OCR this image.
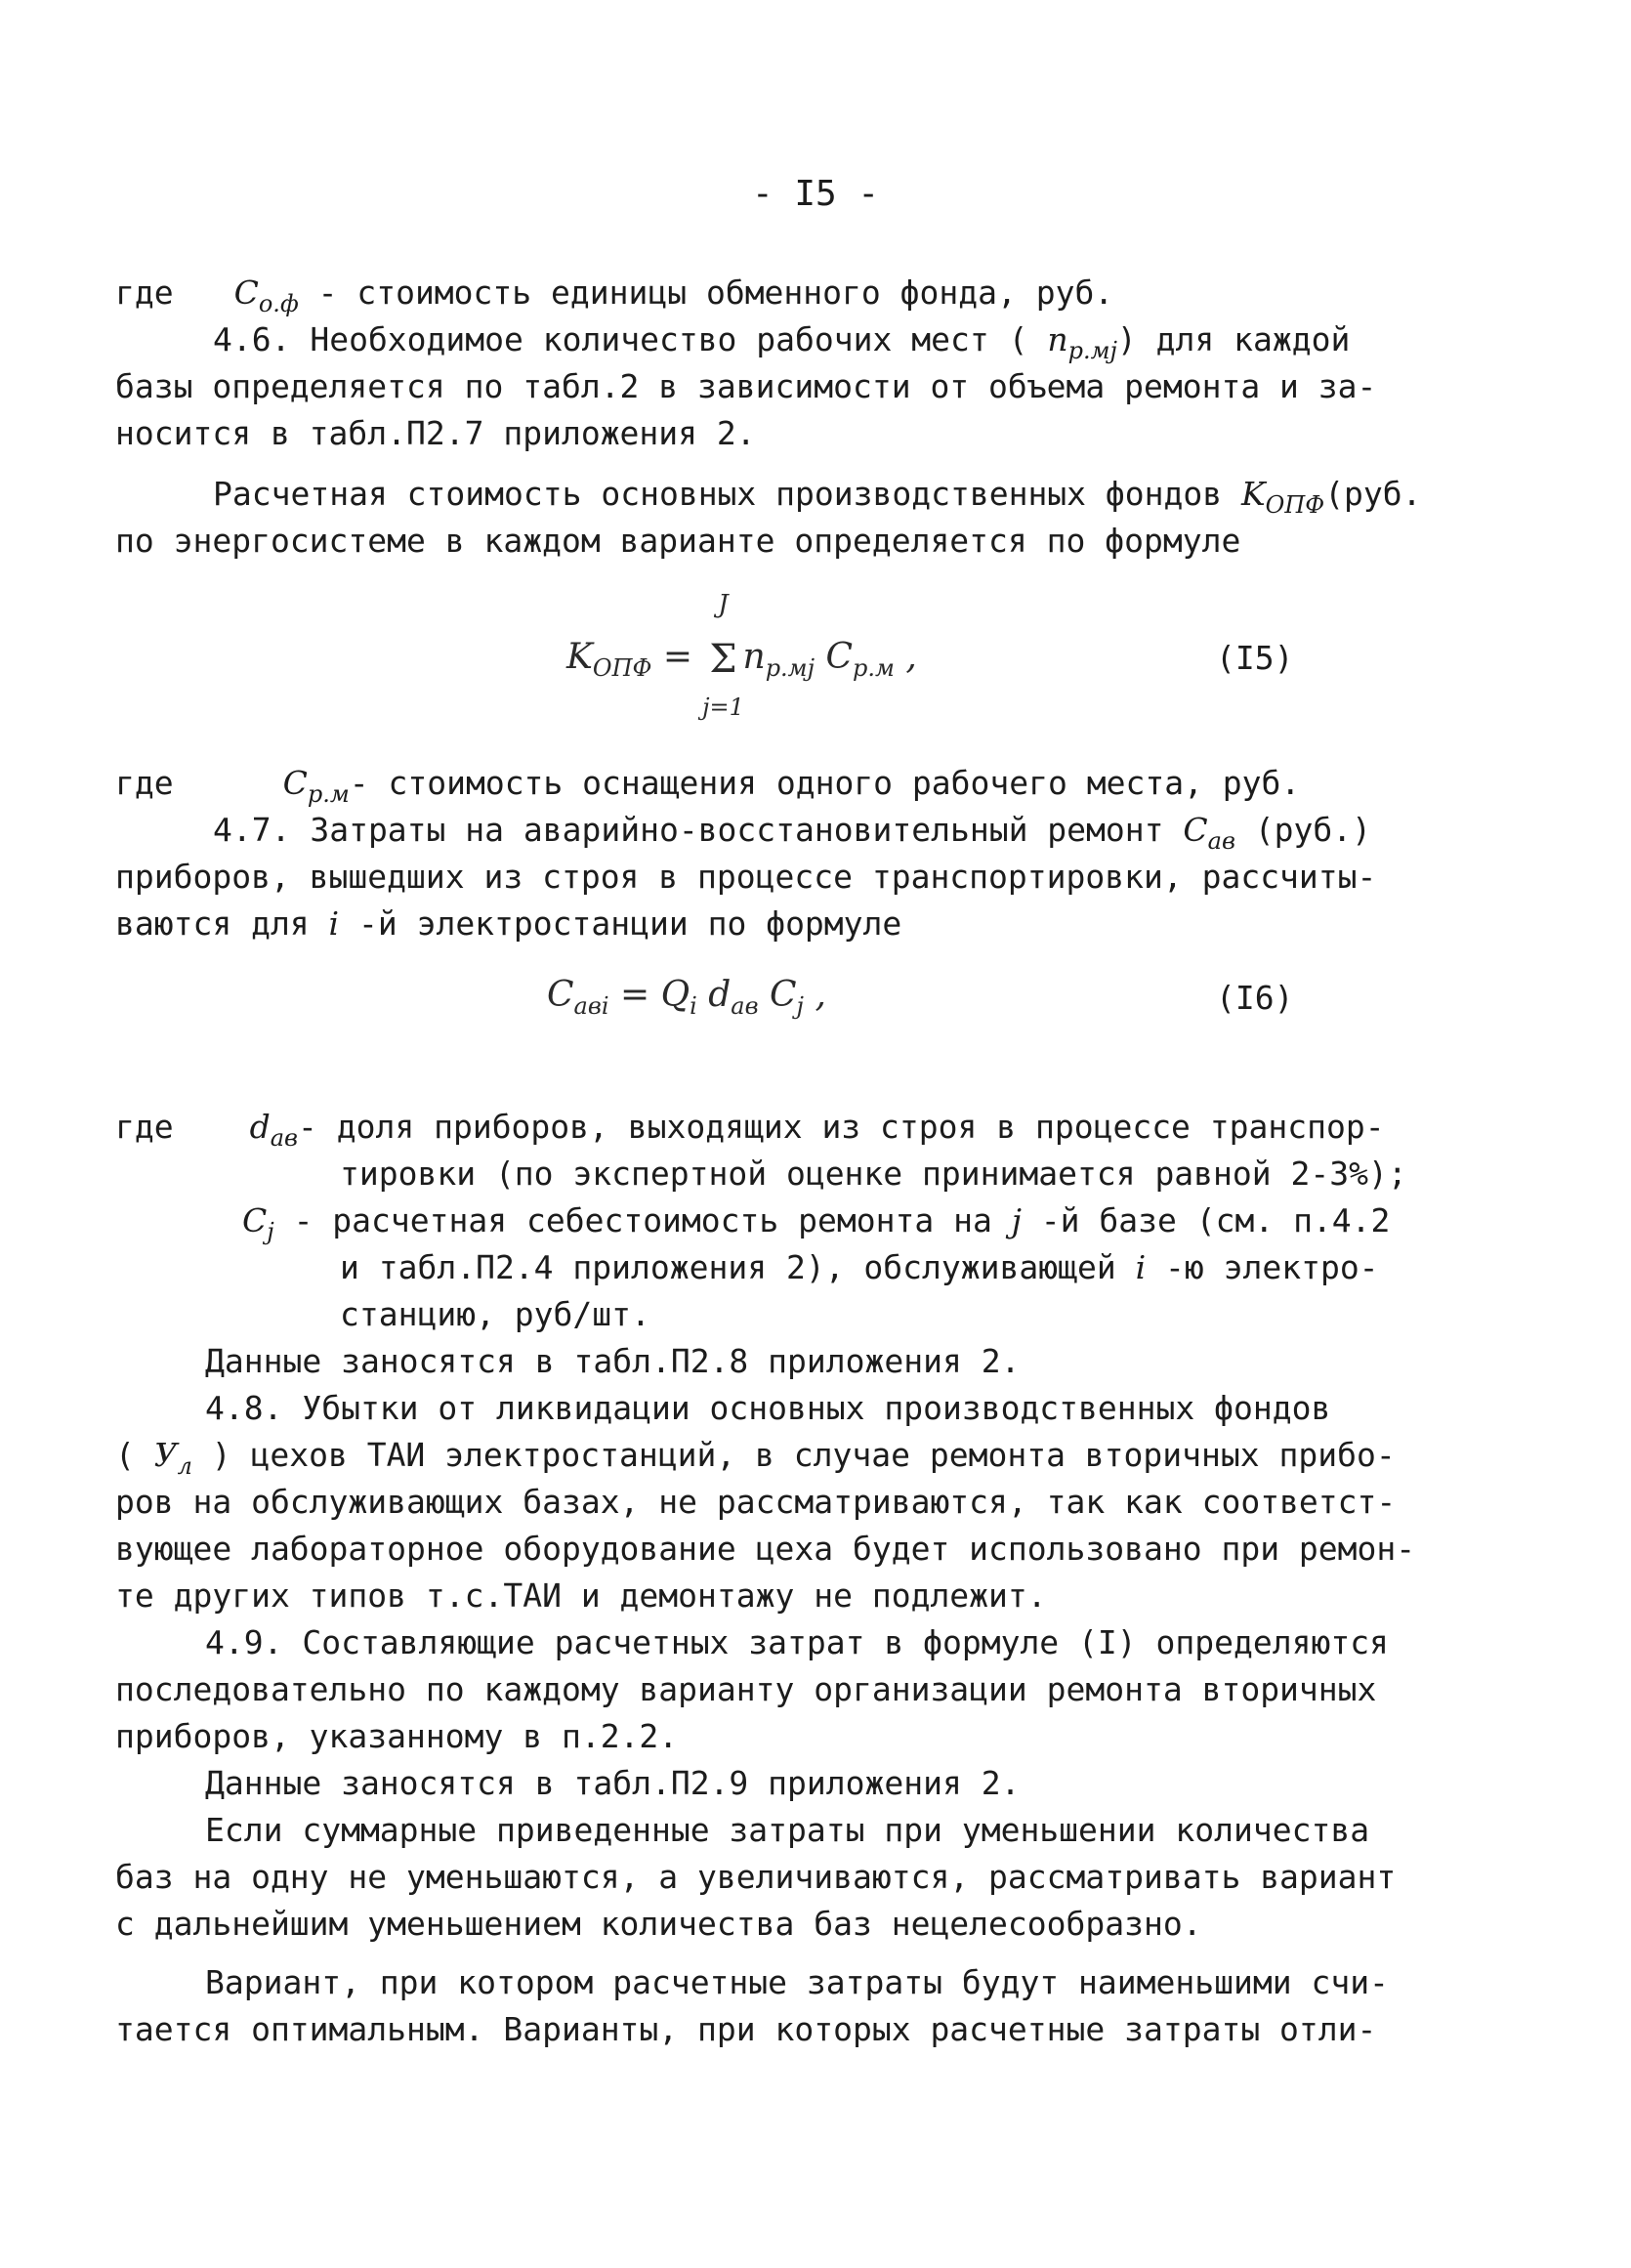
- I5 -
где $C_{о.ф}$ - стоимость единицы обменного фонда, руб.
4.6. Необходимое количество рабочих мест ( $n_{р.мj}$) для каждой
базы определяется по табл.2 в зависимости от объема ремонта и за-
носится в табл.П2.7 приложения 2.
Расчетная стоимость основных производственных фондов $K_{ОПФ}(руб$.
по энергосистеме в каждом варианте определяется по формуле
$K_{ОПФ}$ =
J
Σ
j=1
$n_{р.мj}$ $C_{р.м}$ ,	(I5)
где	$C_{р.м}-$ стоимость оснащения одного рабочего места, руб.
4.7. Затраты на аварийно-восстановительный ремонт $C_{ав}$ (руб.)
приборов, вышедших из строя в процессе транспортировки, рассчиты-
ваются для i -й электростанции по формуле
$C_{авi} = Q_i$ $d_{ав}$ $C_j$ ,	(I6)
где $d_{ав}-$ доля приборов, выходящих из строя в процессе транспор-
тировки (по экспертной оценке принимается равной 2-3%);
$C_j$ - расчетная себестоимость ремонта на j -й базе (см. п.4.2
и табл.П2.4 приложения 2), обслуживающей i -ю электро-
станцию, руб/шт.
Данные заносятся в табл.П2.8 приложения 2.
4.8. Убытки от ликвидации основных производственных фондов
( $У_л$ ) цехов ТАИ электростанций, в случае ремонта вторичных прибо-
ров на обслуживающих базах, не рассматриваются, так как соответст-
вующее лабораторное оборудование цеха будет использовано при ремон-
те других типов т.с.ТАИ и демонтажу не подлежит.
4.9. Составляющие расчетных затрат в формуле (I) определяются
последовательно по каждому варианту организации ремонта вторичных
приборов, указанному в п.2.2.
Данные заносятся в табл.П2.9 приложения 2.
Если суммарные приведенные затраты при уменьшении количества
баз на одну не уменьшаются, а увеличиваются, рассматривать вариант
с дальнейшим уменьшением количества баз нецелесообразно.
Вариант, при котором расчетные затраты будут наименьшими счи-
тается оптимальным. Варианты, при которых расчетные затраты отли-
